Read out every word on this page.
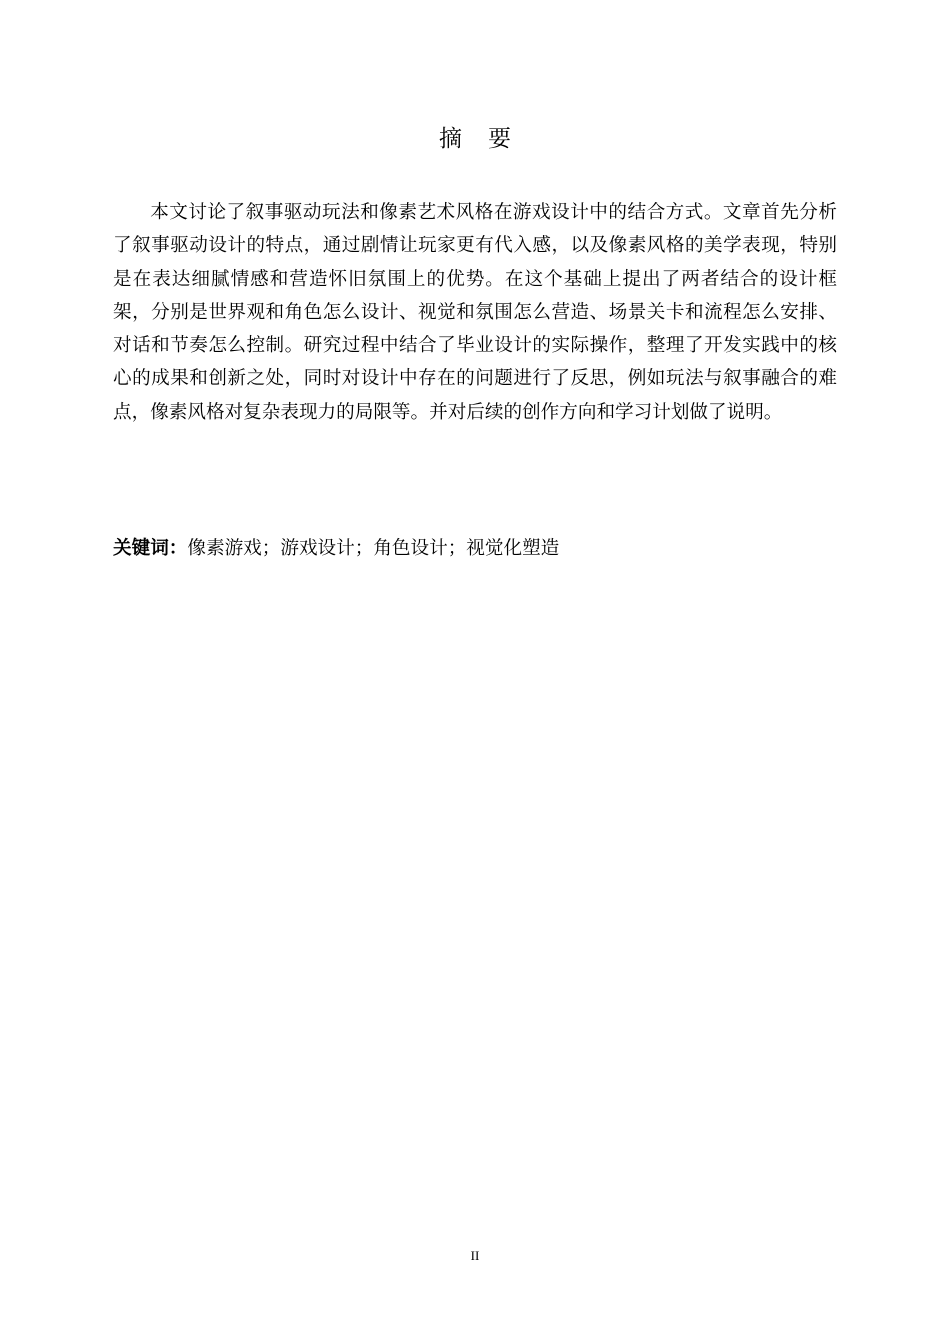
摘 要

本文讨论了叙事驱动玩法和像素艺术风格在游戏设计中的结合方式。文章首先分析了叙事驱动设计的特点，通过剧情让玩家更有代入感，以及像素风格的美学表现，特别是在表达细腻情感和营造怀旧氛围上的优势。在这个基础上提出了两者结合的设计框架，分别是世界观和角色怎么设计、视觉和氛围怎么营造、场景关卡和流程怎么安排、对话和节奏怎么控制。研究过程中结合了毕业设计的实际操作，整理了开发实践中的核心的成果和创新之处，同时对设计中存在的问题进行了反思，例如玩法与叙事融合的难点，像素风格对复杂表现力的局限等。并对后续的创作方向和学习计划做了说明。

关键词：像素游戏；游戏设计；角色设计；视觉化塑造

II
